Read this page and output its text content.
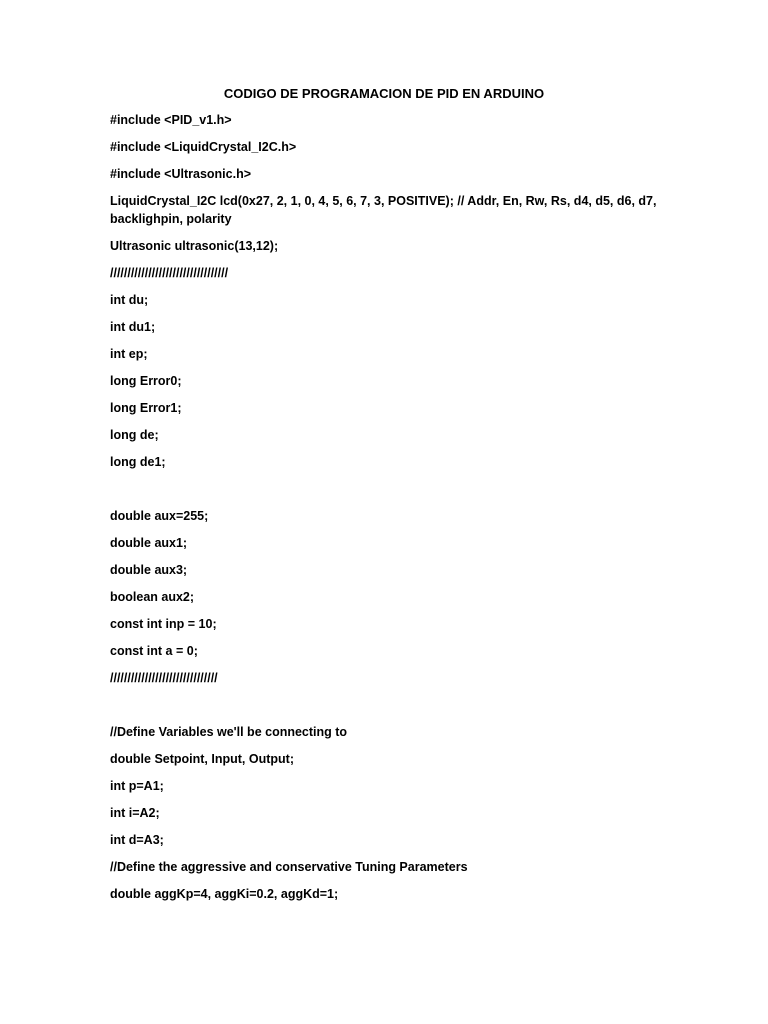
CODIGO DE PROGRAMACION DE PID EN ARDUINO

#include <PID_v1.h>

#include <LiquidCrystal_I2C.h>

#include <Ultrasonic.h>

LiquidCrystal_I2C lcd(0x27, 2, 1, 0, 4, 5, 6, 7, 3, POSITIVE); // Addr, En, Rw, Rs, d4, d5, d6, d7, backlighpin, polarity

Ultrasonic ultrasonic(13,12);

//////////////////////////////////

int du;

int du1;

int ep;

long Error0;

long Error1;

long de;

long de1;

double aux=255;

double aux1;

double aux3;

boolean aux2;

const int inp = 10;

const int a = 0;

///////////////////////////////

//Define Variables we'll be connecting to

double Setpoint, Input, Output;

int p=A1;

int i=A2;

int d=A3;

//Define the aggressive and conservative Tuning Parameters

double aggKp=4, aggKi=0.2, aggKd=1;
